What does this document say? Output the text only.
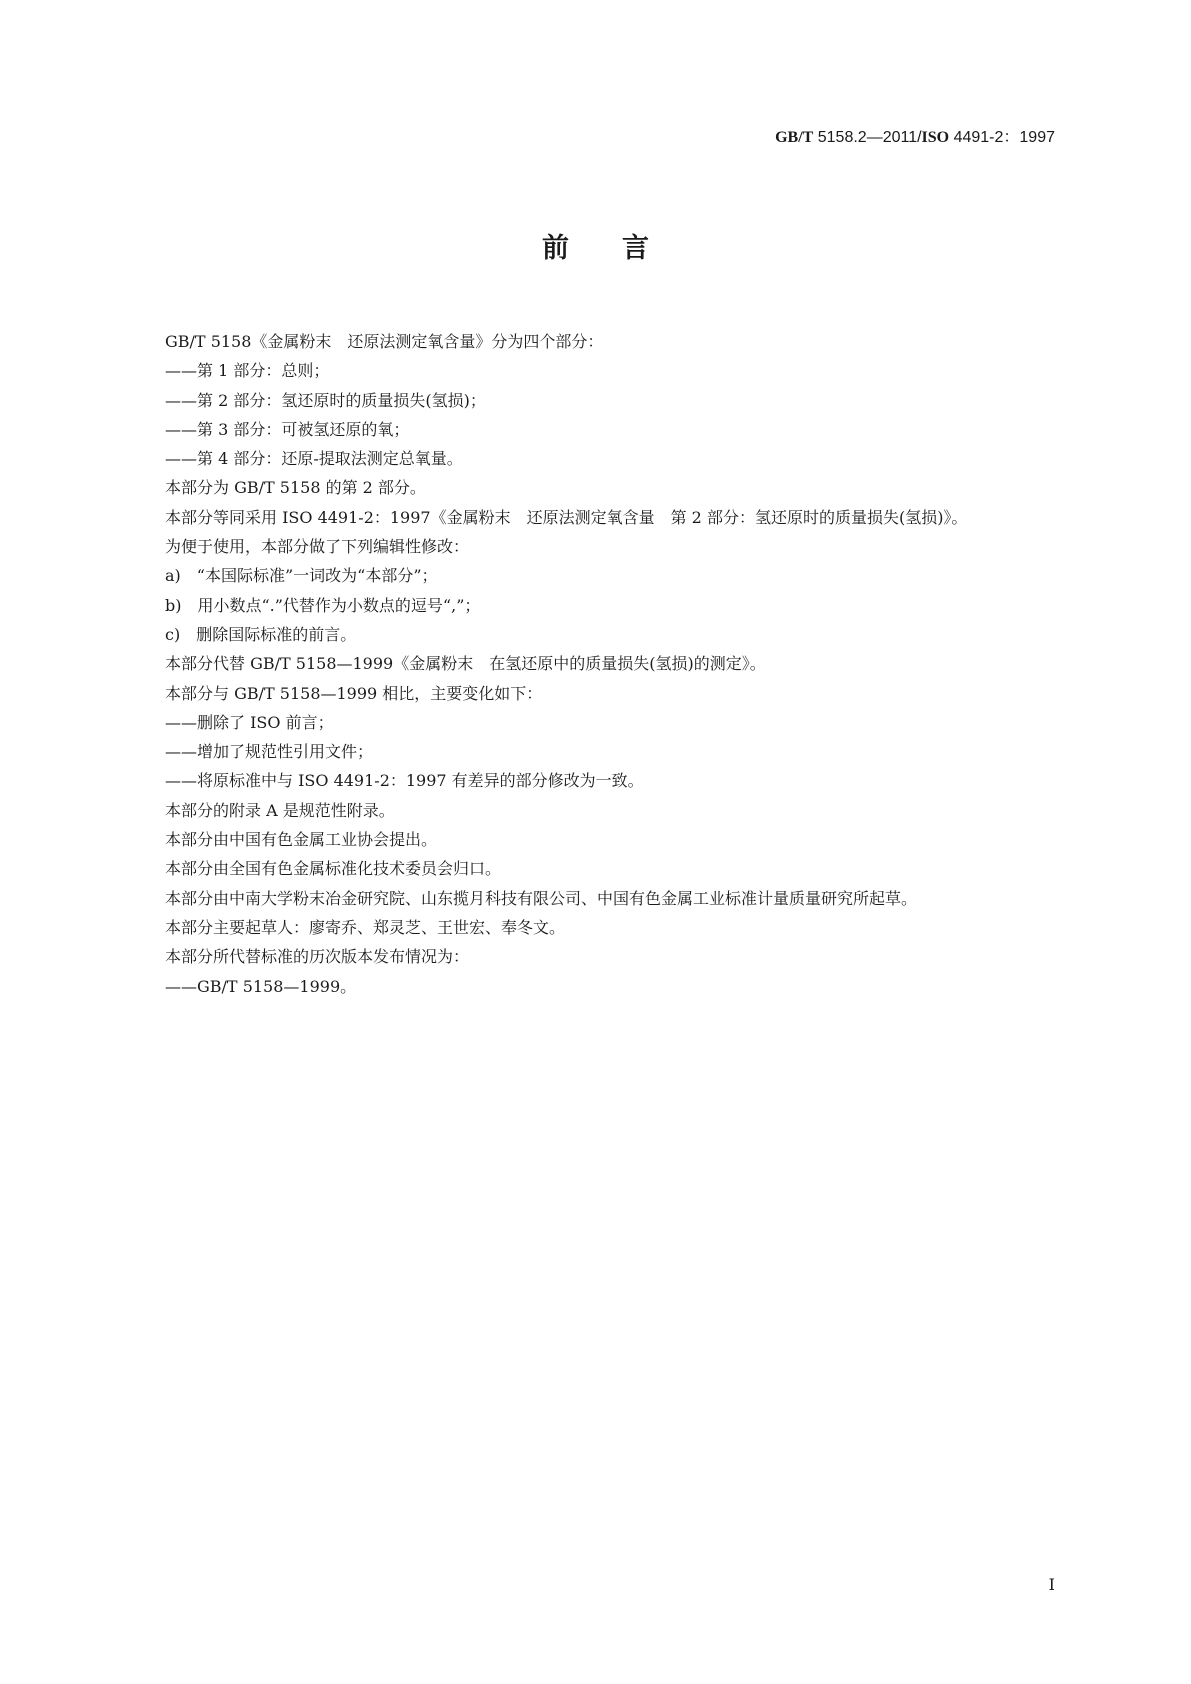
GB/T 5158.2—2011/ISO 4491-2：1997
前言

GB/T 5158《金属粉末　还原法测定氧含量》分为四个部分：

——第 1 部分：总则；

——第 2 部分：氢还原时的质量损失(氢损)；

——第 3 部分：可被氢还原的氧；

——第 4 部分：还原-提取法测定总氧量。

本部分为 GB/T 5158 的第 2 部分。

本部分等同采用 ISO 4491-2：1997《金属粉末　还原法测定氧含量　第 2 部分：氢还原时的质量损失(氢损)》。

为便于使用，本部分做了下列编辑性修改：

a)　“本国际标准”一词改为“本部分”；

b)　用小数点“.”代替作为小数点的逗号“,”；

c)　删除国际标准的前言。

本部分代替 GB/T 5158—1999《金属粉末　在氢还原中的质量损失(氢损)的测定》。

本部分与 GB/T 5158—1999 相比，主要变化如下：

——删除了 ISO 前言；

——增加了规范性引用文件；

——将原标准中与 ISO 4491-2：1997 有差异的部分修改为一致。

本部分的附录 A 是规范性附录。

本部分由中国有色金属工业协会提出。

本部分由全国有色金属标准化技术委员会归口。

本部分由中南大学粉末冶金研究院、山东揽月科技有限公司、中国有色金属工业标准计量质量研究所起草。

本部分主要起草人：廖寄乔、郑灵芝、王世宏、奉冬文。

本部分所代替标准的历次版本发布情况为：

——GB/T 5158—1999。

I
